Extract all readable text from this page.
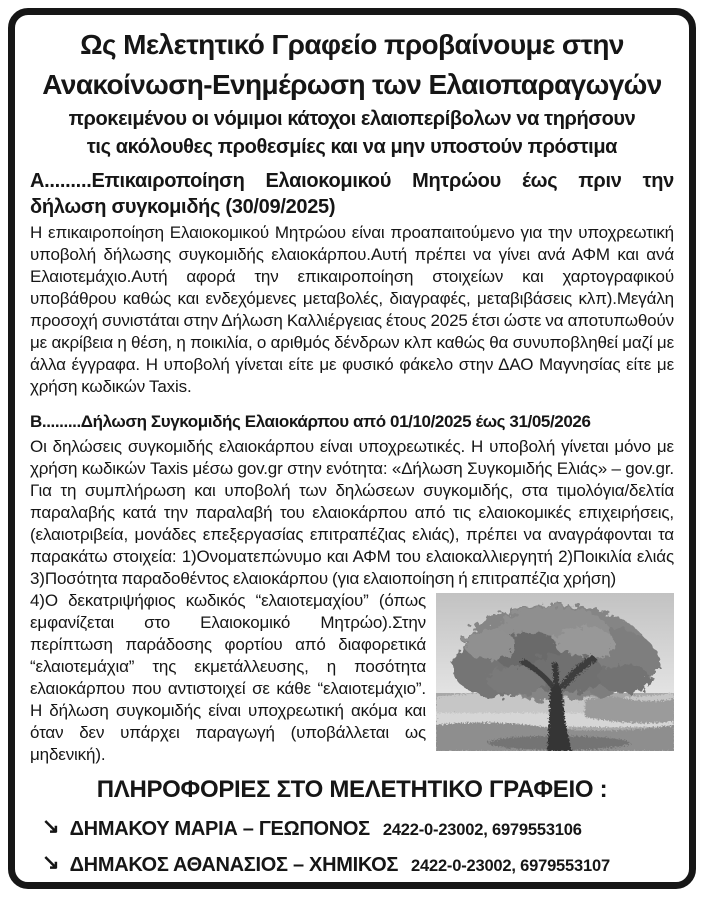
Ως Μελετητικό Γραφείο προβαίνουμε στην
Ανακοίνωση-Ενημέρωση των Ελαιοπαραγωγών
προκειμένου οι νόμιμοι κάτοχοι ελαιοπερίβολων να τηρήσουν
τις ακόλουθες προθεσμίες και να μην υποστούν πρόστιμα
Α.........Επικαιροποίηση Ελαιοκομικού Μητρώου έως πριν την δήλωση συγκομιδής (30/09/2025)
Η επικαιροποίηση Ελαιοκομικού Μητρώου είναι προαπαιτούμενο για την υποχρεωτική υποβολή δήλωσης συγκομιδής ελαιοκάρπου.Αυτή πρέπει να γίνει ανά ΑΦΜ και ανά Ελαιοτεμάχιο.Αυτή αφορά την επικαιροποίηση στοιχείων και χαρτογραφικού υποβάθρου καθώς και ενδεχόμενες μεταβολές, διαγραφές, μεταβιβάσεις κλπ).Μεγάλη προσοχή συνιστάται στην Δήλωση Καλλιέργειας έτους 2025 έτσι ώστε να αποτυπωθούν με ακρίβεια η θέση, η ποικιλία, ο αριθμός δένδρων κλπ καθώς θα συνυποβληθεί μαζί με άλλα έγγραφα. Η υποβολή γίνεται είτε με φυσικό φάκελο στην ΔΑΟ Μαγνησίας είτε με χρήση κωδικών Taxis.
Β.........Δήλωση Συγκομιδής Ελαιοκάρπου από 01/10/2025 έως 31/05/2026
Οι δηλώσεις συγκομιδής ελαιοκάρπου είναι υποχρεωτικές. Η υποβολή γίνεται μόνο με χρήση κωδικών Taxis μέσω gov.gr στην ενότητα: «Δήλωση Συγκομιδής Ελιάς» – gov.gr. Για τη συμπλήρωση και υποβολή των δηλώσεων συγκομιδής, στα τιμολόγια/δελτία παραλαβής κατά την παραλαβή του ελαιοκάρπου από τις ελαιοκομικές επιχειρήσεις, (ελαιοτριβεία, μονάδες επεξεργασίας επιτραπέζιας ελιάς), πρέπει να αναγράφονται τα παρακάτω στοιχεία: 1)Ονοματεπώνυμο και ΑΦΜ του ελαιοκαλλιεργητή 2)Ποικιλία ελιάς 3)Ποσότητα παραδοθέντος ελαιοκάρπου (για ελαιοποίηση ή επιτραπέζια χρήση)
4)Ο δεκατριψήφιος κωδικός “ελαιοτεμαχίου” (όπως εμφανίζεται στο Ελαιοκομικό Μητρώο).Στην περίπτωση παράδοσης φορτίου από διαφορετικά “ελαιοτεμάχια” της εκμετάλλευσης, η ποσότητα ελαιοκάρπου που αντιστοιχεί σε κάθε “ελαιοτεμάχιο”. Η δήλωση συγκομιδής είναι υποχρεωτική ακόμα και όταν δεν υπάρχει παραγωγή (υποβάλλεται ως μηδενική).
ΠΛΗΡΟΦΟΡΙΕΣ ΣΤΟ ΜΕΛΕΤΗΤΙΚΟ ΓΡΑΦΕΙΟ :
↘ ΔΗΜΑΚΟΥ ΜΑΡΙΑ – ΓΕΩΠΟΝΟΣ 2422-0-23002, 6979553106
↘ ΔΗΜΑΚΟΣ ΑΘΑΝΑΣΙΟΣ – ΧΗΜΙΚΟΣ 2422-0-23002, 6979553107
